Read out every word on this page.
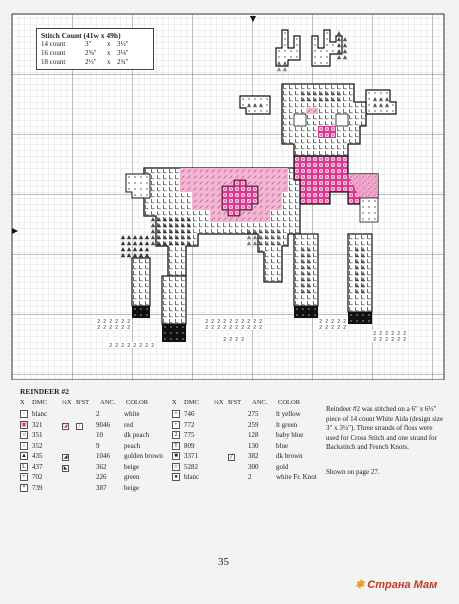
Stitch Count (41w x 49h)
14 count	3"	x 3½"
16 count	2⅝"	x 3⅛"
18 count	2⅓"	x 2¾"
REINDEER #2
X DMC ¼X B'ST ANC. COLOR	X DMC ¼X B'ST ANC. COLOR
·	blanc	2	white
▣ 321	◪	╱	9046	red
○ 351	10	dk peach
÷ 352	9	peach
▲ 435	◢	1046	golden brown
L 437	◣	362	beige
+ 702	226	green
* 739	387	beige
= 746	275	lt yellow
+ 772	259	lt green
2 775	128	baby blue
T 809	130	blue
■ 3371	╱	382	dk brown
☆ 5282	300	gold
● blanc	2	white Fr. Knot
Reindeer #2 was stitched on a 6" x 6½" piece of 14 count White Aida (design size 3" x 3½"). Three strands of floss were used for Cross Stitch and one strand for Backstitch and French Knots.
Shown on page 27.
35
✱ Страна Мам
